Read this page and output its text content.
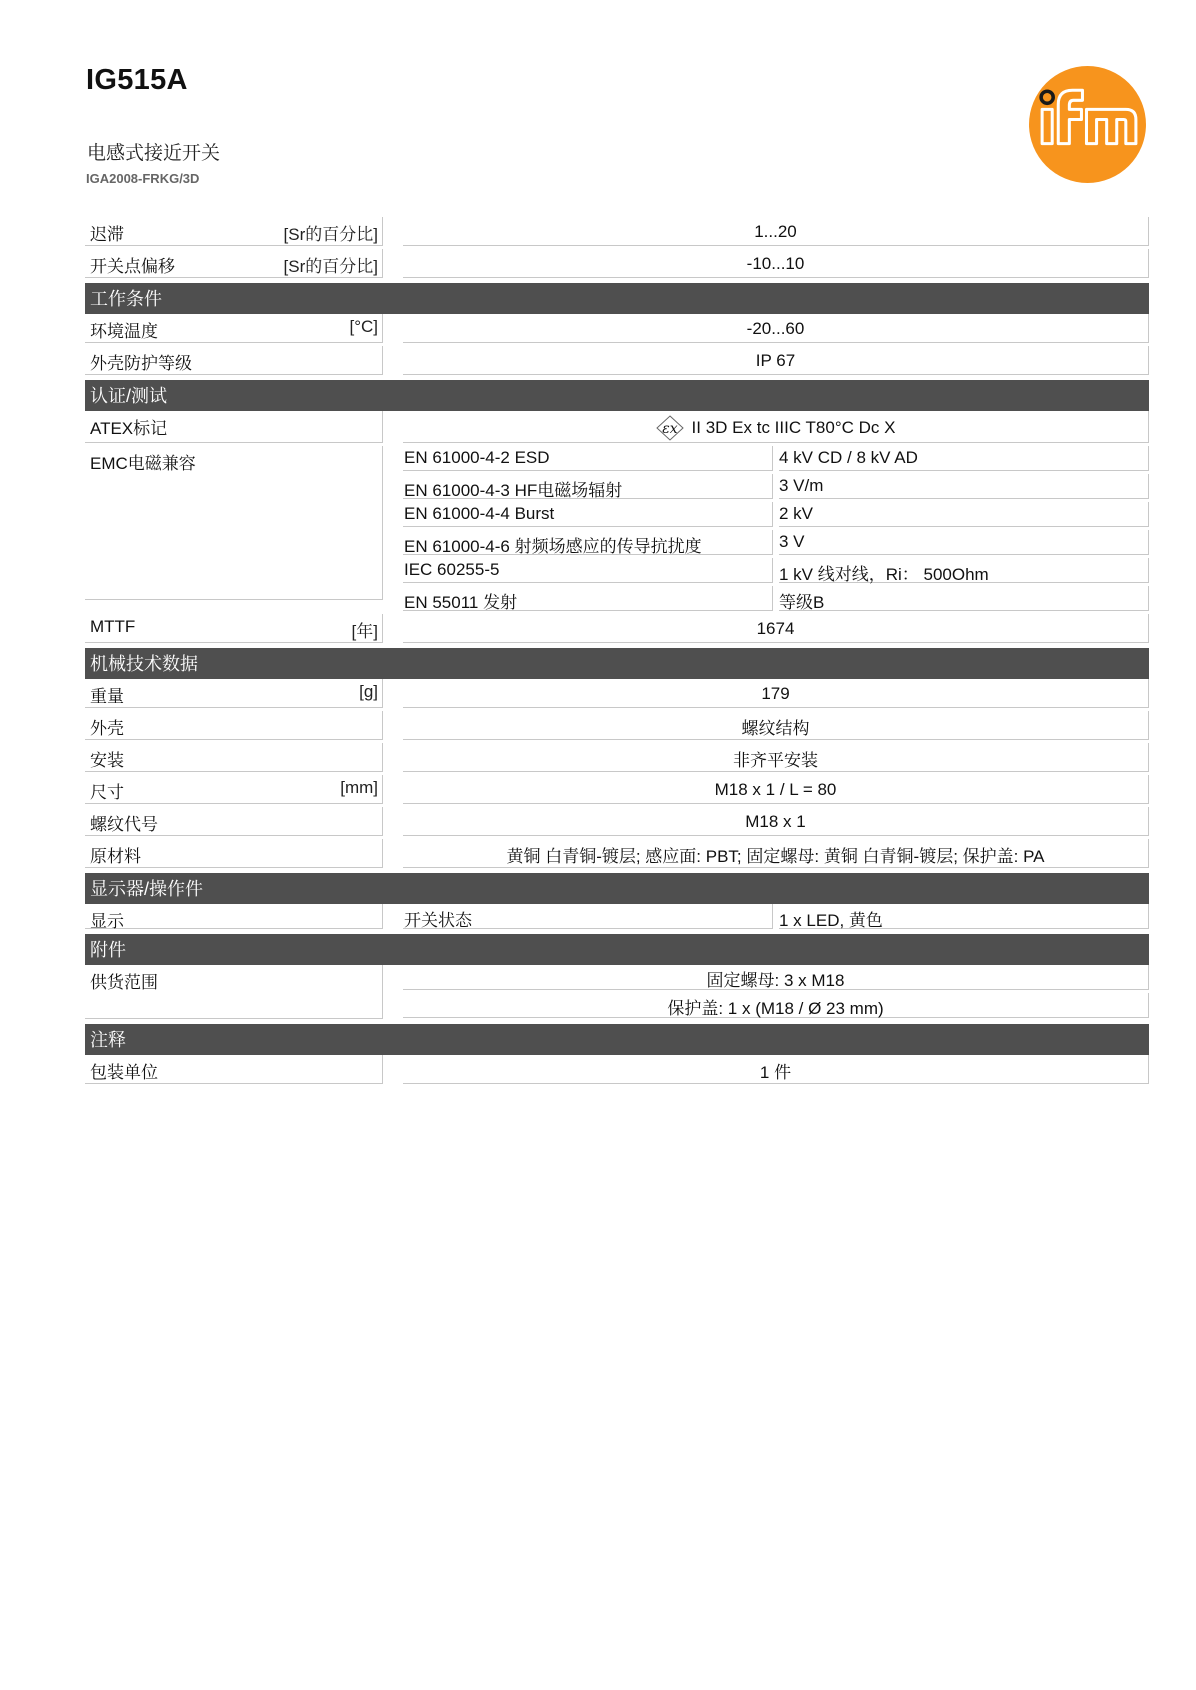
IG515A
电感式接近开关
IGA2008-FRKG/3D
迟滞	[Sr的百分比]	1...20
开关点偏移	[Sr的百分比]	-10...10
工作条件
环境温度	[°C]	-20...60
外壳防护等级	IP 67
认证/测试
ATEX标记	εx II 3D Ex tc IIIC T80°C Dc X
EMC电磁兼容	EN 61000-4-2 ESD	4 kV CD / 8 kV AD
EN 61000-4-3 HF电磁场辐射	3 V/m
EN 61000-4-4 Burst	2 kV
EN 61000-4-6 射频场感应的传导抗扰度	3 V
IEC 60255-5	1 kV 线对线，Ri： 500Ohm
EN 55011 发射	等级B
MTTF	[年]	1674
机械技术数据
重量	[g]	179
外壳	螺纹结构
安装	非齐平安装
尺寸	[mm]	M18 x 1 / L = 80
螺纹代号	M18 x 1
原材料	黄铜 白青铜-镀层; 感应面: PBT; 固定螺母: 黄铜 白青铜-镀层; 保护盖: PA
显示器/操作件
显示	开关状态	1 x LED, 黄色
附件
供货范围	固定螺母: 3 x M18
保护盖: 1 x (M18 / Ø 23 mm)
注释
包装单位	1 件
